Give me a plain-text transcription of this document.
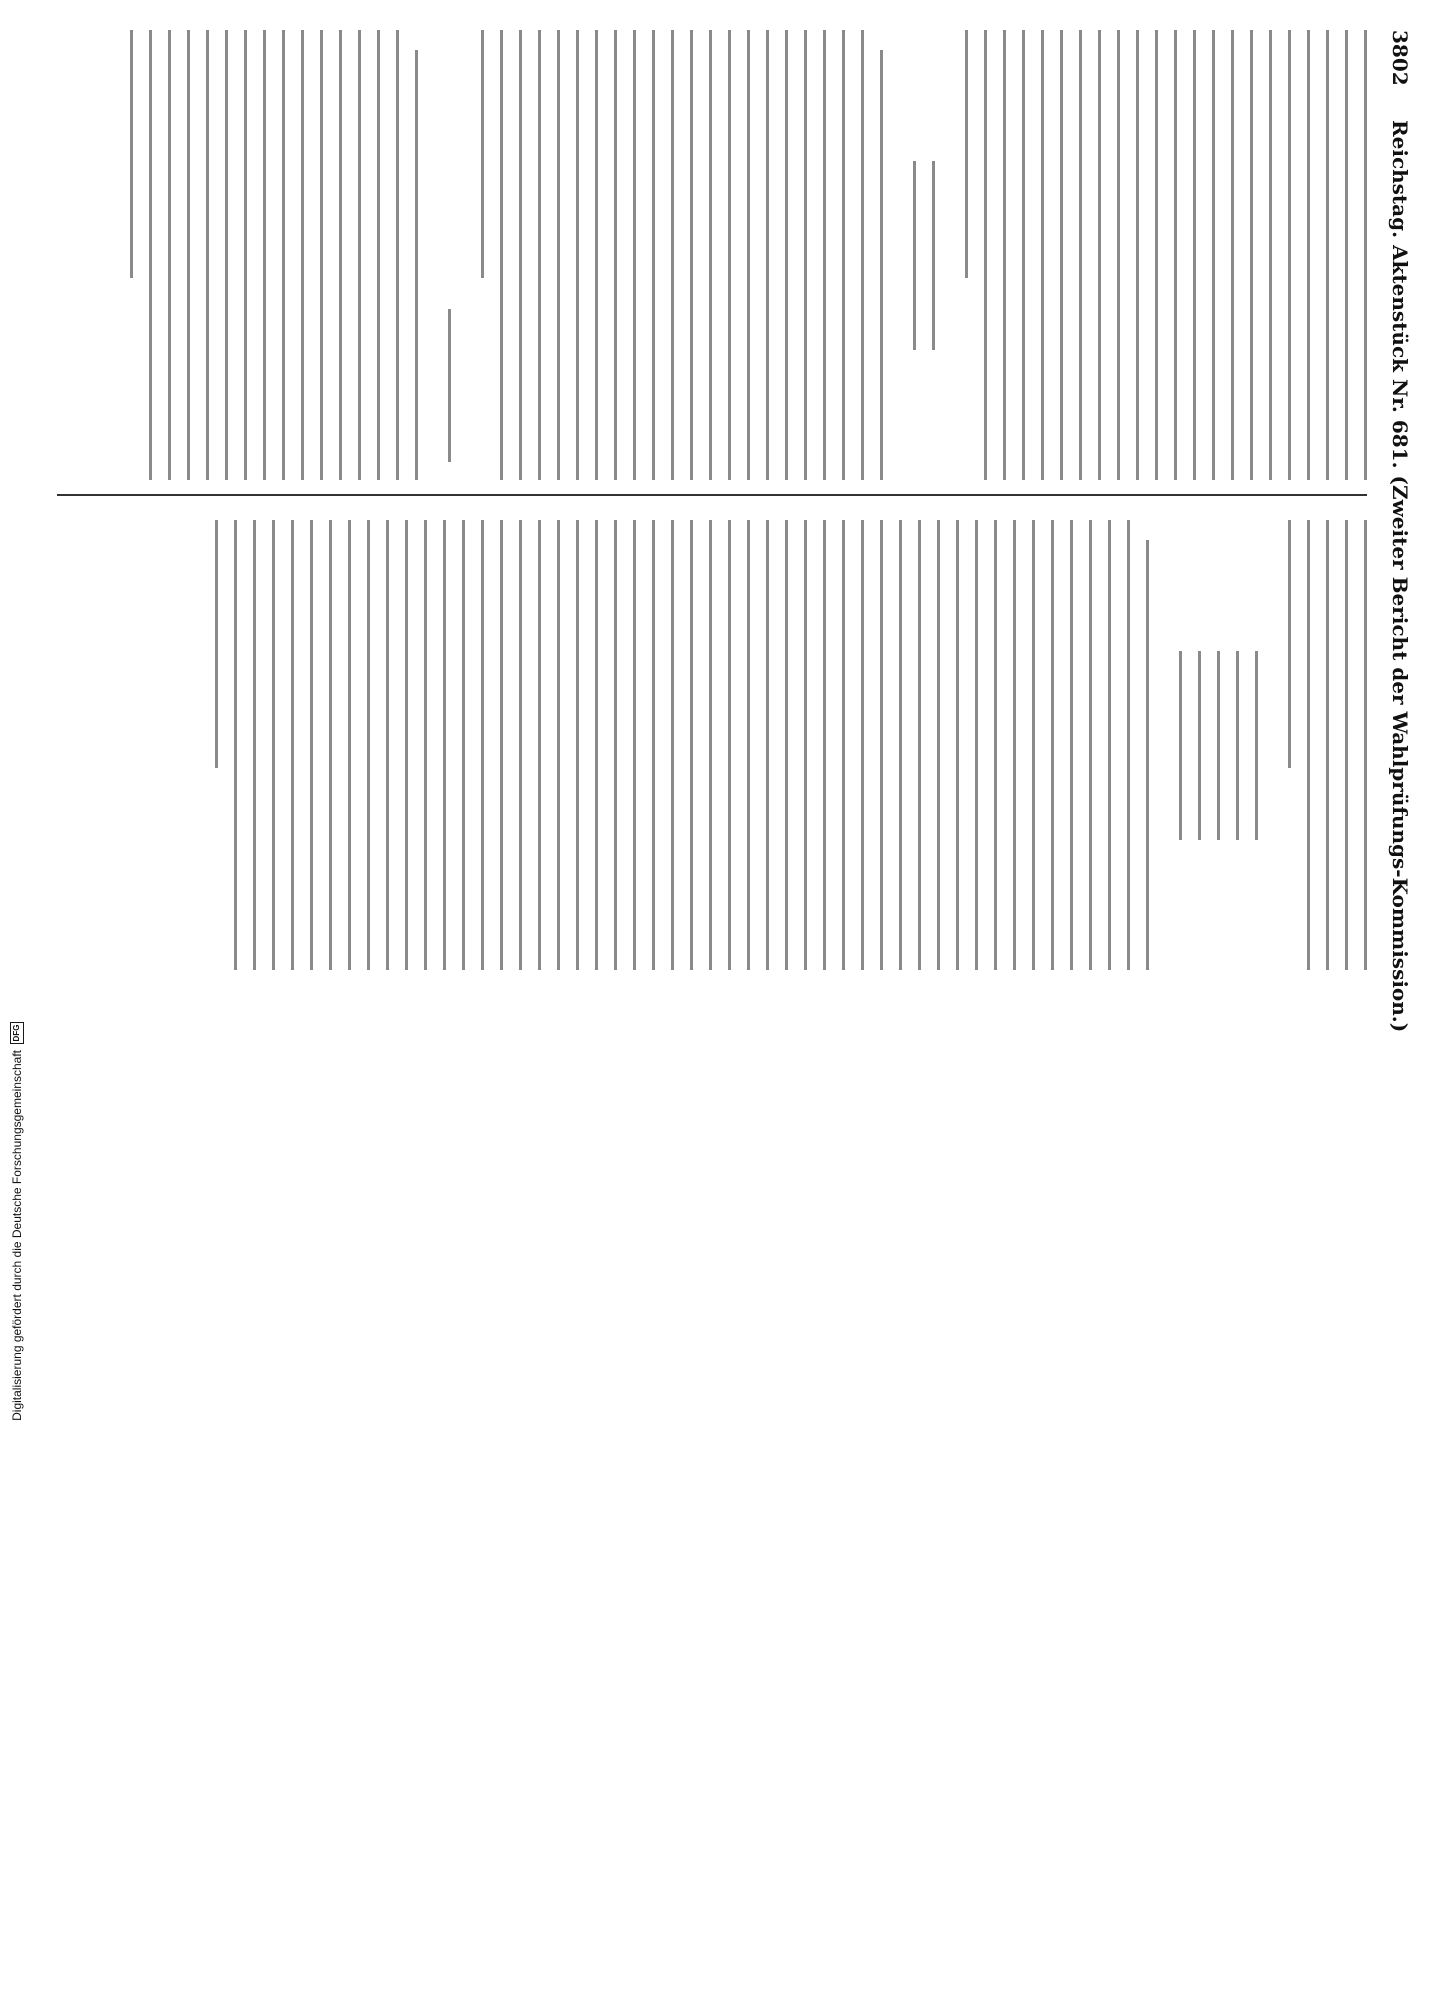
3802
Reichstag. Aktenstück Nr. 681. (Zweiter Bericht der Wahlprüfungs-Kommission.)
Digitalisierung gefördert durch die Deutsche Forschungsgemeinschaft
DFG
